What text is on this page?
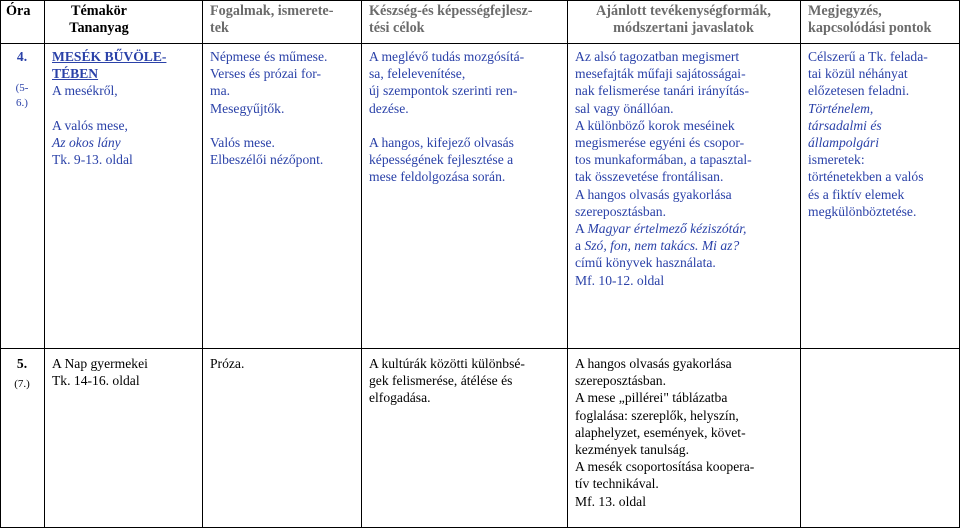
Óra	Témakör
Tananyag
Fogalmak, ismerete-
tek
Készség-és képességfejlesz-
tési célok
Ajánlott tevékenységformák,
módszertani javaslatok
Megjegyzés,
kapcsolódási pontok
4.
(5-
6.)
MESÉK BŰVÖLE-
TÉBEN
A mesékről,
A valós mese,
Az okos lány
Tk. 9-13. oldal
Népmese és műmese.
Verses és prózai for-
ma.
Mesegyűjtők.
Valós mese.
Elbeszélői nézőpont.
A meglévő tudás mozgósítá-
sa, felelevenítése,
új szempontok szerinti ren-
dezése.
A hangos, kifejező olvasás
képességének fejlesztése a
mese feldolgozása során.
Az alsó tagozatban megismert
mesefajták műfaji sajátosságai-
nak felismerése tanári irányítás-
sal vagy önállóan.
A különböző korok meséinek
megismerése egyéni és csopor-
tos munkaformában, a tapasztal-
tak összevetése frontálisan.
A hangos olvasás gyakorlása
szereposztásban.
A Magyar értelmező kéziszótár,
a Szó, fon, nem takács. Mi az?
című könyvek használata.
Mf. 10-12. oldal
Célszerű a Tk. felada-
tai közül néhányat
előzetesen feladni.
Történelem,
társadalmi és
állampolgári
ismeretek:
történetekben a valós
és a fiktív elemek
megkülönböztetése.
5.
(7.)
A Nap gyermekei
Tk. 14-16. oldal
Próza.	A kultúrák közötti különbsé-
gek felismerése, átélése és
elfogadása.
A hangos olvasás gyakorlása
szereposztásban.
A mese „pillérei" táblázatba
foglalása: szereplők, helyszín,
alaphelyzet, események, követ-
kezmények tanulság.
A mesék csoportosítása koopera-
tív technikával.
Mf. 13. oldal
